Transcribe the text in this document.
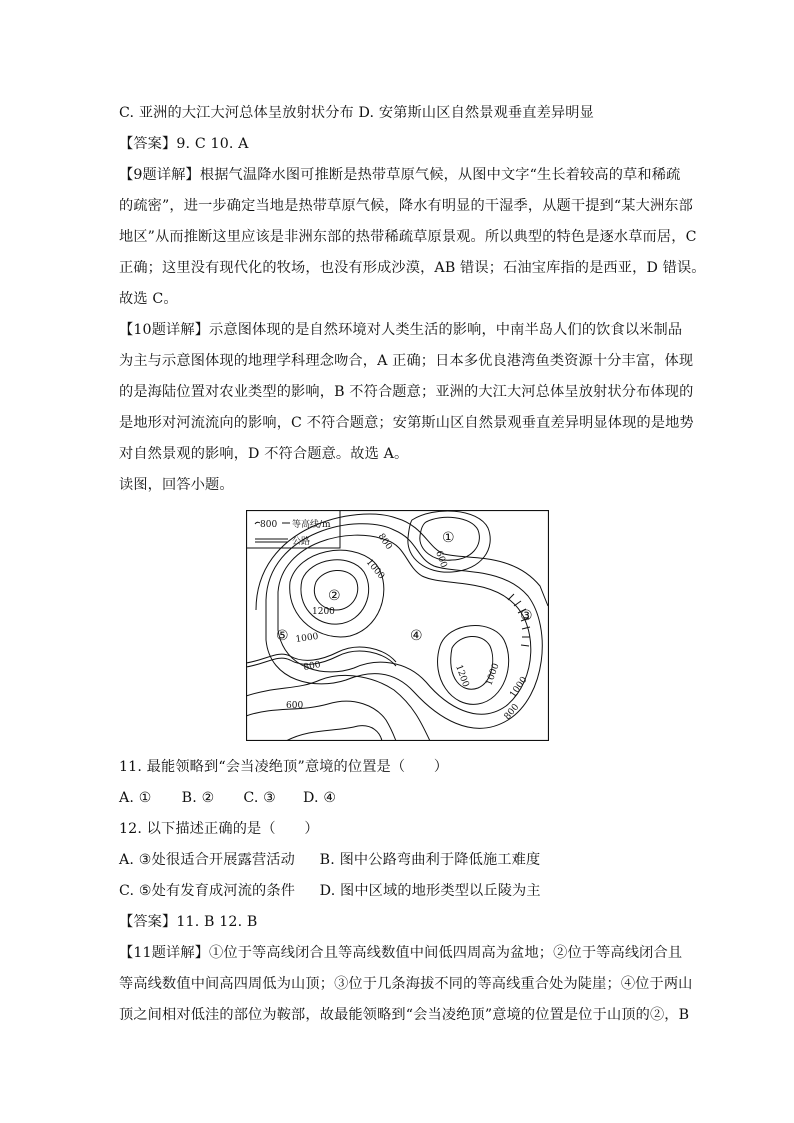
C. 亚洲的大江大河总体呈放射状分布 D. 安第斯山区自然景观垂直差异明显
【答案】9. C 10. A
【9题详解】根据气温降水图可推断是热带草原气候，从图中文字“生长着较高的草和稀疏
的疏密”，进一步确定当地是热带草原气候，降水有明显的干湿季，从题干提到“某大洲东部
地区”从而推断这里应该是非洲东部的热带稀疏草原景观。所以典型的特色是逐水草而居，C
正确；这里没有现代化的牧场，也没有形成沙漠，AB 错误；石油宝库指的是西亚，D 错误。
故选 C。
【10题详解】示意图体现的是自然环境对人类生活的影响，中南半岛人们的饮食以米制品
为主与示意图体现的地理学科理念吻合，A 正确；日本多优良港湾鱼类资源十分丰富，体现
的是海陆位置对农业类型的影响，B 不符合题意；亚洲的大江大河总体呈放射状分布体现的
是地形对河流流向的影响，C 不符合题意；安第斯山区自然景观垂直差异明显体现的是地势
对自然景观的影响，D 不符合题意。故选 A。
读图，回答小题。
800 等高线/m
公路
600
800
1000
1200
1000
800	1000
1200	1000
800
600
①
②
③
④
⑤
11. 最能领略到“会当凌绝顶”意境的位置是（　　）
A. ① B. ② C. ③ D. ④
12. 以下描述正确的是（　　）
A. ③处很适合开展露营活动 B. 图中公路弯曲利于降低施工难度
C. ⑤处有发育成河流的条件 D. 图中区域的地形类型以丘陵为主
【答案】11. B 12. B
【11题详解】①位于等高线闭合且等高线数值中间低四周高为盆地；②位于等高线闭合且
等高线数值中间高四周低为山顶；③位于几条海拔不同的等高线重合处为陡崖；④位于两山
顶之间相对低洼的部位为鞍部，故最能领略到“会当凌绝顶”意境的位置是位于山顶的②，B
